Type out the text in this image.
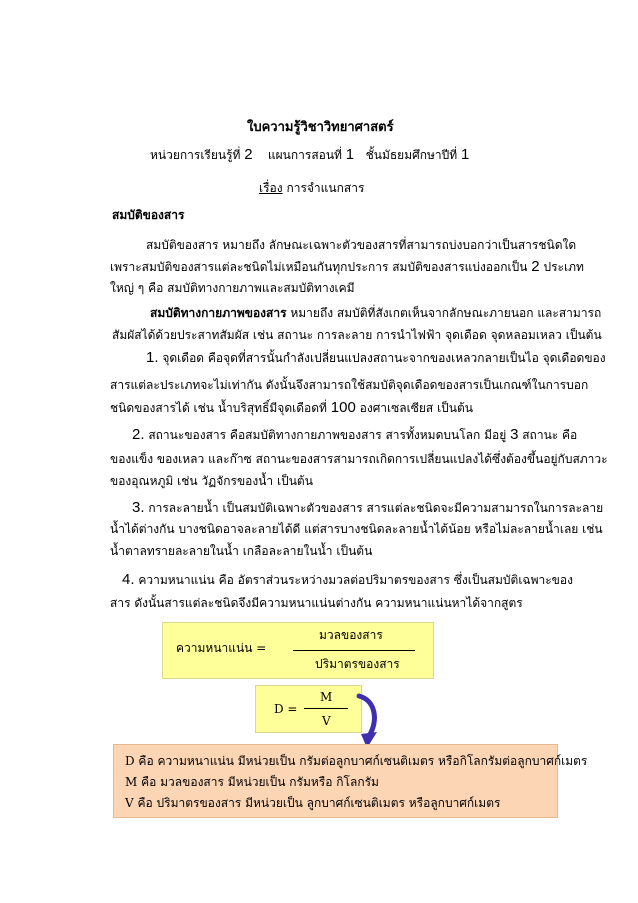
ใบความรู้วิชาวิทยาศาสตร์
หน่วยการเรียนรู้ที่ 2 แผนการสอนที่ 1 ชั้นมัธยมศึกษาปีที่ 1
เรื่อง การจำแนกสาร
สมบัติของสาร
สมบัติของสาร หมายถึง ลักษณะเฉพาะตัวของสารที่สามารถบ่งบอกว่าเป็นสารชนิดใด
เพราะสมบัติของสารแต่ละชนิดไม่เหมือนกันทุกประการ สมบัติของสารแบ่งออกเป็น 2 ประเภท
ใหญ่ ๆ คือ สมบัติทางกายภาพและสมบัติทางเคมี
สมบัติทางกายภาพของสาร หมายถึง สมบัติที่สังเกตเห็นจากลักษณะภายนอก และสามารถ
สัมผัสได้ด้วยประสาทสัมผัส เช่น สถานะ การละลาย การนำไฟฟ้า จุดเดือด จุดหลอมเหลว เป็นต้น
1. จุดเดือด คือจุดที่สารนั้นกำลังเปลี่ยนแปลงสถานะจากของเหลวกลายเป็นไอ จุดเดือดของ
สารแต่ละประเภทจะไม่เท่ากัน ดังนั้นจึงสามารถใช้สมบัติจุดเดือดของสารเป็นเกณฑ์ในการบอก
ชนิดของสารได้ เช่น น้ำบริสุทธิ์มีจุดเดือดที่ 100 องศาเซลเซียส เป็นต้น
2. สถานะของสาร คือสมบัติทางกายภาพของสาร สารทั้งหมดบนโลก มีอยู่ 3 สถานะ คือ
ของแข็ง ของเหลว และก๊าซ สถานะของสารสามารถเกิดการเปลี่ยนแปลงได้ซึ่งต้องขึ้นอยู่กับสภาวะ
ของอุณหภูมิ เช่น วัฏจักรของน้ำ เป็นต้น
3. การละลายน้ำ เป็นสมบัติเฉพาะตัวของสาร สารแต่ละชนิดจะมีความสามารถในการละลาย
น้ำได้ต่างกัน บางชนิดอาจละลายได้ดี แต่สารบางชนิดละลายน้ำได้น้อย หรือไม่ละลายน้ำเลย เช่น
น้ำตาลทรายละลายในน้ำ เกลือละลายในน้ำ เป็นต้น
4. ความหนาแน่น คือ อัตราส่วนระหว่างมวลต่อปริมาตรของสาร ซึ่งเป็นสมบัติเฉพาะของ
สาร ดังนั้นสารแต่ละชนิดจึงมีความหนาแน่นต่างกัน ความหนาแน่นหาได้จากสูตร
ความหนาแน่น =
มวลของสาร
ปริมาตรของสาร
D =
M
V
D คือ ความหนาแน่น มีหน่วยเป็น กรัมต่อลูกบาศก์เซนติเมตร หรือกิโลกรัมต่อลูกบาศก์เมตร
M คือ มวลของสาร มีหน่วยเป็น กรัมหรือ กิโลกรัม
V คือ ปริมาตรของสาร มีหน่วยเป็น ลูกบาศก์เซนติเมตร หรือลูกบาศก์เมตร
